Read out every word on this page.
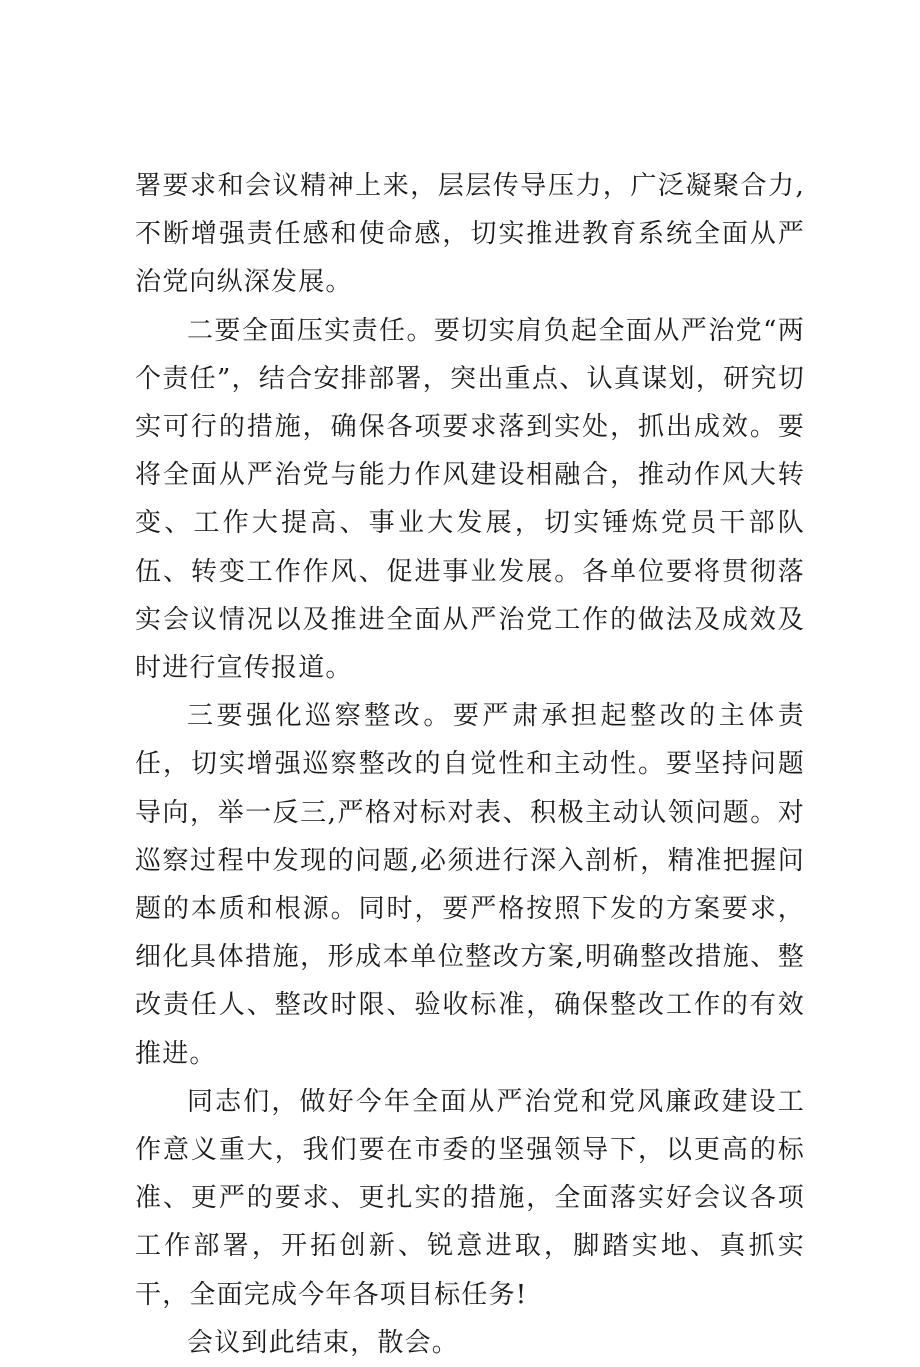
署要求和会议精神上来，层层传导压力，广泛凝聚合力,不断增强责任感和使命感，切实推进教育系统全面从严治党向纵深发展。

二要全面压实责任。要切实肩负起全面从严治党“两个责任”，结合安排部署，突出重点、认真谋划，研究切实可行的措施，确保各项要求落到实处，抓出成效。要将全面从严治党与能力作风建设相融合，推动作风大转变、工作大提高、事业大发展，切实锤炼党员干部队伍、转变工作作风、促进事业发展。各单位要将贯彻落实会议情况以及推进全面从严治党工作的做法及成效及时进行宣传报道。

三要强化巡察整改。要严肃承担起整改的主体责任，切实增强巡察整改的自觉性和主动性。要坚持问题导向，举一反三,严格对标对表、积极主动认领问题。对巡察过程中发现的问题,必须进行深入剖析，精准把握问题的本质和根源。同时，要严格按照下发的方案要求，细化具体措施，形成本单位整改方案,明确整改措施、整改责任人、整改时限、验收标准，确保整改工作的有效推进。

同志们，做好今年全面从严治党和党风廉政建设工作意义重大，我们要在市委的坚强领导下，以更高的标准、更严的要求、更扎实的措施，全面落实好会议各项工作部署，开拓创新、锐意进取，脚踏实地、真抓实干，全面完成今年各项目标任务!

会议到此结束，散会。
